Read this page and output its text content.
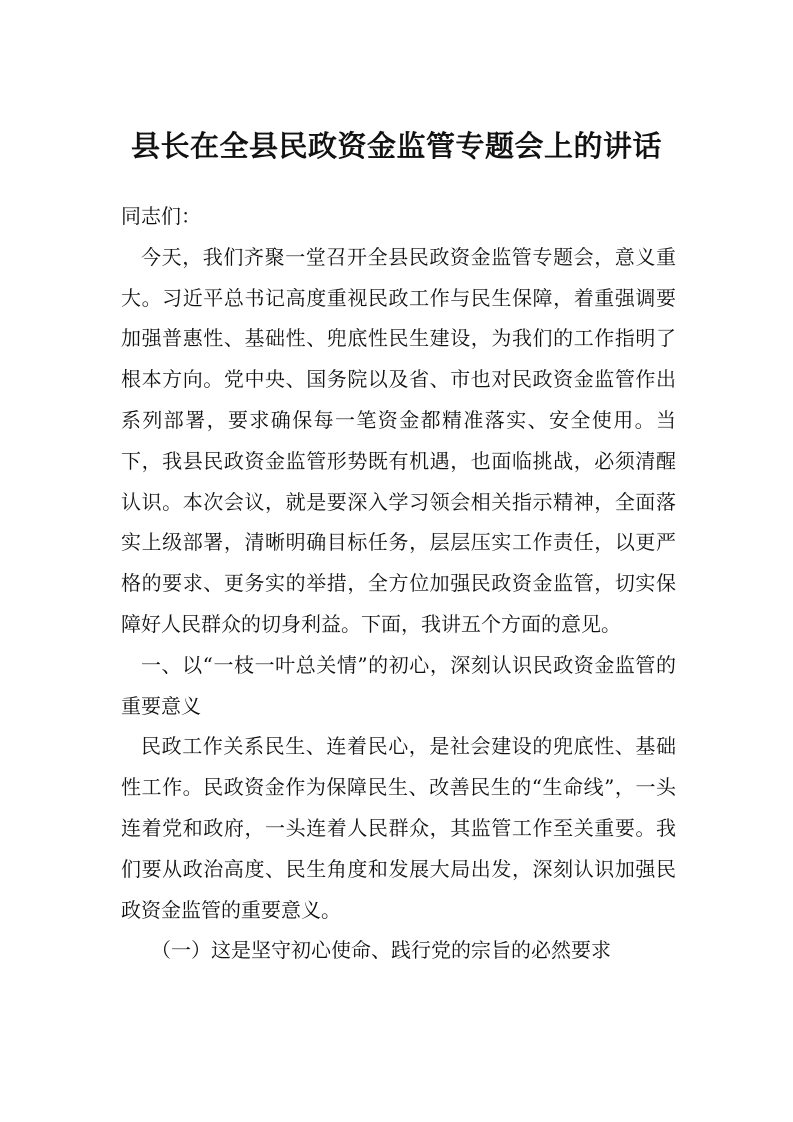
县长在全县民政资金监管专题会上的讲话

同志们：

今天，我们齐聚一堂召开全县民政资金监管专题会，意义重大。习近平总书记高度重视民政工作与民生保障，着重强调要加强普惠性、基础性、兜底性民生建设，为我们的工作指明了根本方向。党中央、国务院以及省、市也对民政资金监管作出系列部署，要求确保每一笔资金都精准落实、安全使用。当下，我县民政资金监管形势既有机遇，也面临挑战，必须清醒认识。本次会议，就是要深入学习领会相关指示精神，全面落实上级部署，清晰明确目标任务，层层压实工作责任，以更严格的要求、更务实的举措，全方位加强民政资金监管，切实保障好人民群众的切身利益。下面，我讲五个方面的意见。

一、以“一枝一叶总关情”的初心，深刻认识民政资金监管的重要意义

民政工作关系民生、连着民心，是社会建设的兜底性、基础性工作。民政资金作为保障民生、改善民生的“生命线”，一头连着党和政府，一头连着人民群众，其监管工作至关重要。我们要从政治高度、民生角度和发展大局出发，深刻认识加强民政资金监管的重要意义。

（一）这是坚守初心使命、践行党的宗旨的必然要求
